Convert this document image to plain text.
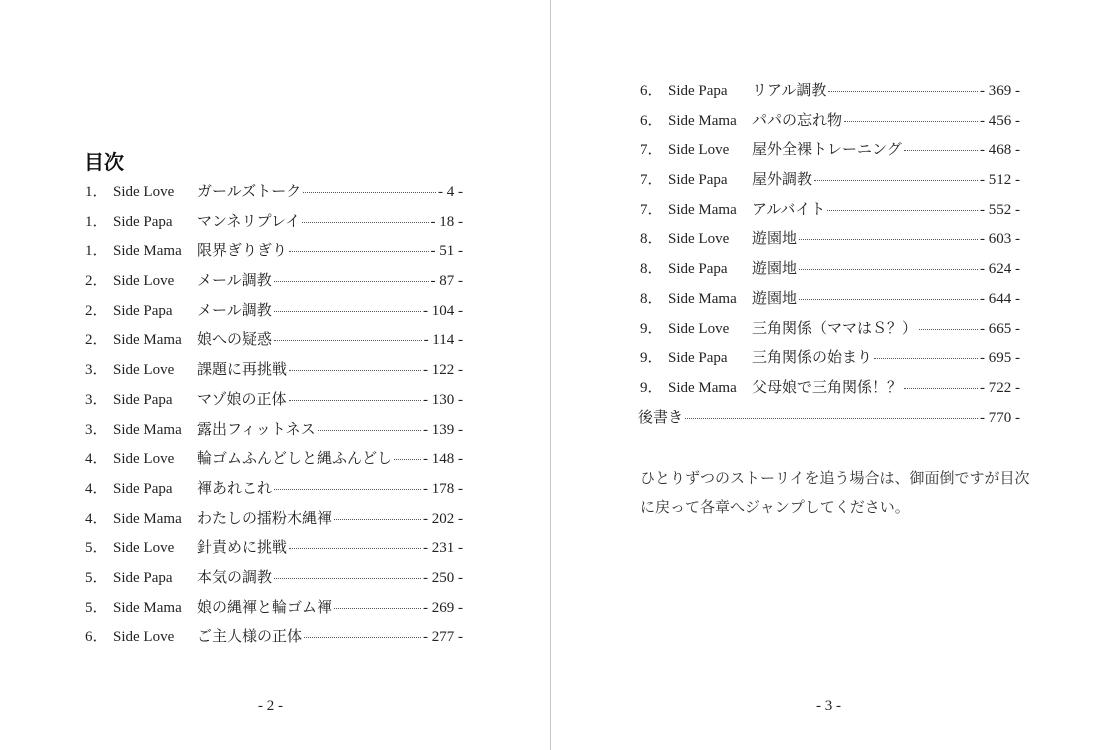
目次
1． Side Love	ガールズトーク	- 4 -
1． Side Papa	マンネリプレイ	- 18 -
1． Side Mama	限界ぎりぎり	- 51 -
2． Side Love	メール調教	- 87 -
2． Side Papa	メール調教	- 104 -
2． Side Mama	娘への疑惑	- 114 -
3． Side Love	課題に再挑戦	- 122 -
3． Side Papa	マゾ娘の正体	- 130 -
3． Side Mama	露出フィットネス	- 139 -
4． Side Love	輪ゴムふんどしと縄ふんどし - 148 -
4． Side Papa	褌あれこれ	- 178 -
4． Side Mama	わたしの擂粉木縄褌	- 202 -
5． Side Love	針責めに挑戦	- 231 -
5． Side Papa	本気の調教	- 250 -
5． Side Mama	娘の縄褌と輪ゴム褌	- 269 -
6． Side Love	ご主人様の正体	- 277 -
- 2 -
6． Side Papa	リアル調教	- 369 -
6． Side Mama	パパの忘れ物	- 456 -
7． Side Love	屋外全裸トレーニング	- 468 -
7． Side Papa	屋外調教	- 512 -
7． Side Mama	アルバイト	- 552 -
8． Side Love	遊園地	- 603 -
8． Side Papa	遊園地	- 624 -
8． Side Mama	遊園地	- 644 -
9． Side Love	三角関係（ママはＳ？）	- 665 -
9． Side Papa	三角関係の始まり	- 695 -
9． Side Mama	父母娘で三角関係！？	- 722 -
後書き	- 770 -
ひとりずつのストーリイを追う場合は、御面倒ですが目次に戻って各章へジャンプしてください。
- 3 -
